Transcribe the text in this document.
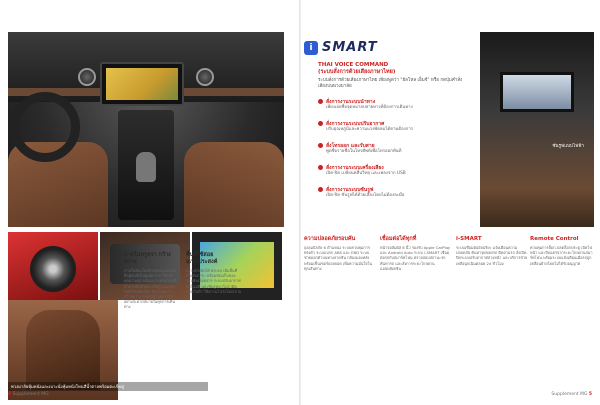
i SMART
THAI VOICE COMMAND
(ระบบสั่งการด้วยเสียงภาษาไทย)
ระบบสั่งการด้วยเสียงภาษาไทย เพียงพูดว่า "ฮัลโหล เอ็มจี" หรือ กดปุ่มคำสั่งเสียงบนพวงมาลัย
สั่งการงานระบบนำทาง
เพียงเอ่ยชื่อจุดหมายปลายทางที่ต้องการเดินทาง
สั่งการงานระบบปรับอากาศ
ปรับอุณหภูมิและความแรงพัดลมได้ตามต้องการ
สั่งโทรออก และรับสาย
พูดชื่อรายชื่อในโทรศัพท์เพื่อโทรออกทันที
สั่งการงานระบบเครื่องเสียง
เปิด-ปิด เปลี่ยนคลื่นวิทยุ และเพลงจาก USB
สั่งการงานระบบซันรูฟ
เปิด-ปิด ซันรูฟได้ด้วยเสียงโดยไม่ต้องละมือ
ซันรูฟแบบไฟฟ้า
พวงมาลัยหุ้มหนังและเบาะนั่งหุ้มหนังโทนสีน้ำตาลพร้อมตะเข็บคู่
ภายในหรูหรา กว้างขวาง
ภายในห้องโดยสารออกแบบโดยยึดผู้ขับขี่เป็นศูนย์กลาง ใช้วัสดุคุณภาพสูง พร้อมเบาะหนังโทนสีน้ำตาลตัดด้วยตะเข็บคู่ แผงหน้าปัดดีไซน์ทันสมัย ห้องโดยสารกว้างขวาง รองรับผู้โดยสารได้อย่างสะดวกสบายในทุกการเดินทาง
พื้นที่ใช้สอยอเนกประสงค์
เบาะหลังพับได้ 60:40 เพิ่มพื้นที่เก็บสัมภาระ พร้อมช่องเก็บของรอบห้องโดยสาร ระบบปรับอากาศอัตโนมัติ และซันรูฟพาโนรามิคแบบไฟฟ้า ให้ความโปร่งโล่งสบาย
ความปลอดภัยรอบคัน
ถุงลมนิรภัย 6 ตำแหน่ง ระบบควบคุมการทรงตัว ระบบเบรก ABS และ EBD ระบบช่วยออกตัวบนทางลาดชัน กล้องมองหลังพร้อมเซ็นเซอร์ถอยจอด เพื่อความมั่นใจในทุกเส้นทาง
เชื่อมต่อได้ทุกที่
หน้าจอสัมผัส 8 นิ้ว รองรับ Apple CarPlay และ Android Auto ระบบ i-SMART เชื่อมต่อรถกับสมาร์ทโฟน ตรวจสอบสถานะรถ ค้นหารถ และสั่งการระยะไกลผ่านแอปพลิเคชัน
i-SMART
ระบบเชื่อมต่ออัจฉริยะ แจ้งเตือนความปลอดภัย ค้นหาจุดจอดรถ ติดตามรถ สั่งเปิด-ปิดระบบปรับอากาศล่วงหน้า และบริการช่วยเหลือฉุกเฉินตลอด 24 ชั่วโมง
Remote Control
ควบคุมการล็อก-ปลดล็อกประตู เปิดไฟหน้า และบีบแตรจากระยะไกลผ่านสมาร์ทโฟน พร้อมระบบแจ้งเตือนเมื่อรถถูกเคลื่อนย้ายโดยไม่ได้รับอนุญาต
4 Supplement MG	Supplement MG 5
